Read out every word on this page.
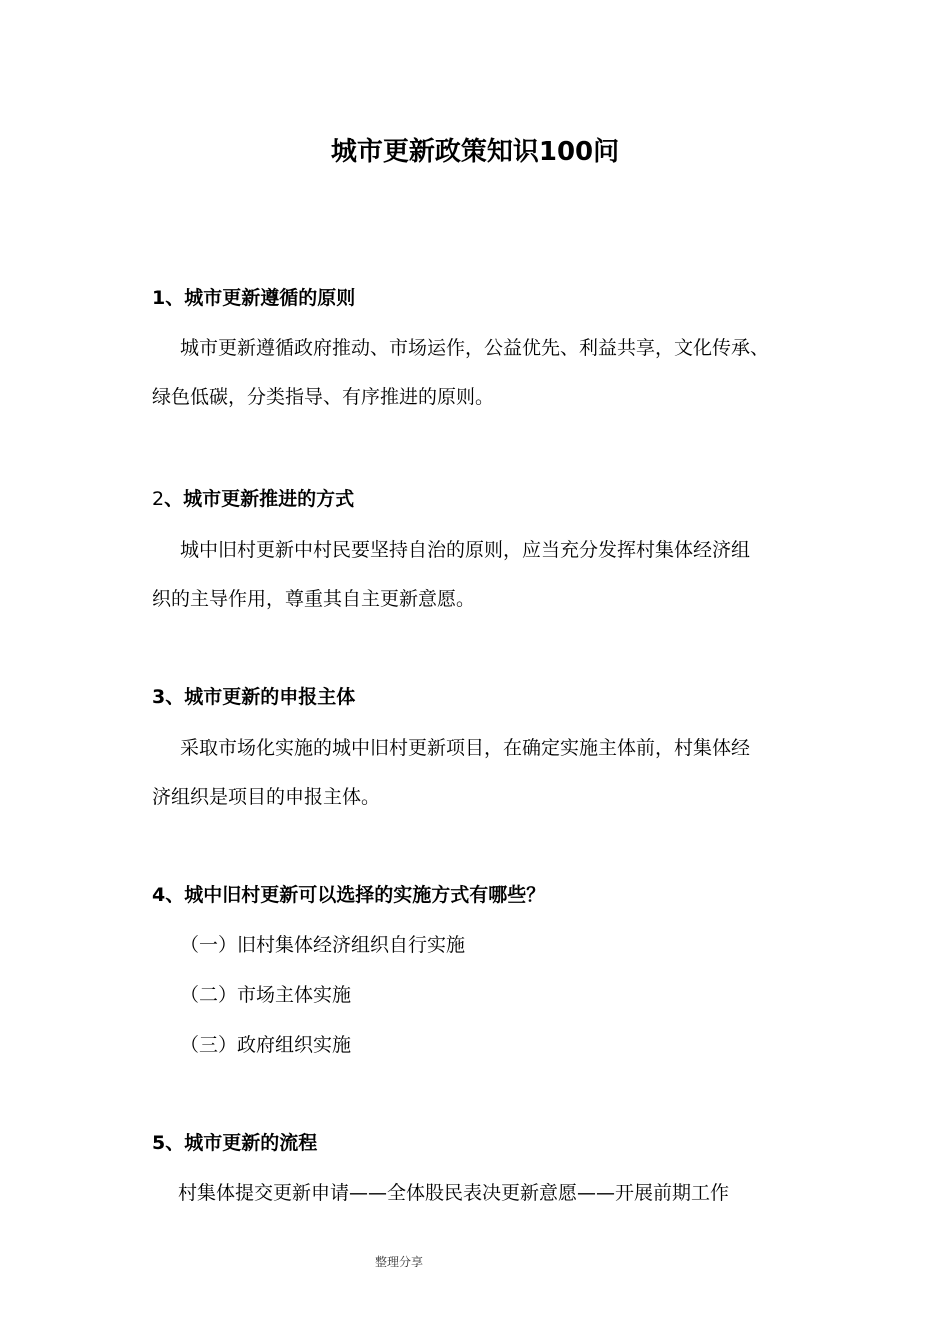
城市更新政策知识100问
1、城市更新遵循的原则
城市更新遵循政府推动、市场运作，公益优先、利益共享，文化传承、
绿色低碳，分类指导、有序推进的原则。
2、城市更新推进的方式
城中旧村更新中村民要坚持自治的原则，应当充分发挥村集体经济组
织的主导作用，尊重其自主更新意愿。
3、城市更新的申报主体
采取市场化实施的城中旧村更新项目，在确定实施主体前，村集体经
济组织是项目的申报主体。
4、城中旧村更新可以选择的实施方式有哪些？
（一）旧村集体经济组织自行实施
（二）市场主体实施
（三）政府组织实施
5、城市更新的流程
村集体提交更新申请——全体股民表决更新意愿——开展前期工作
整理分享
